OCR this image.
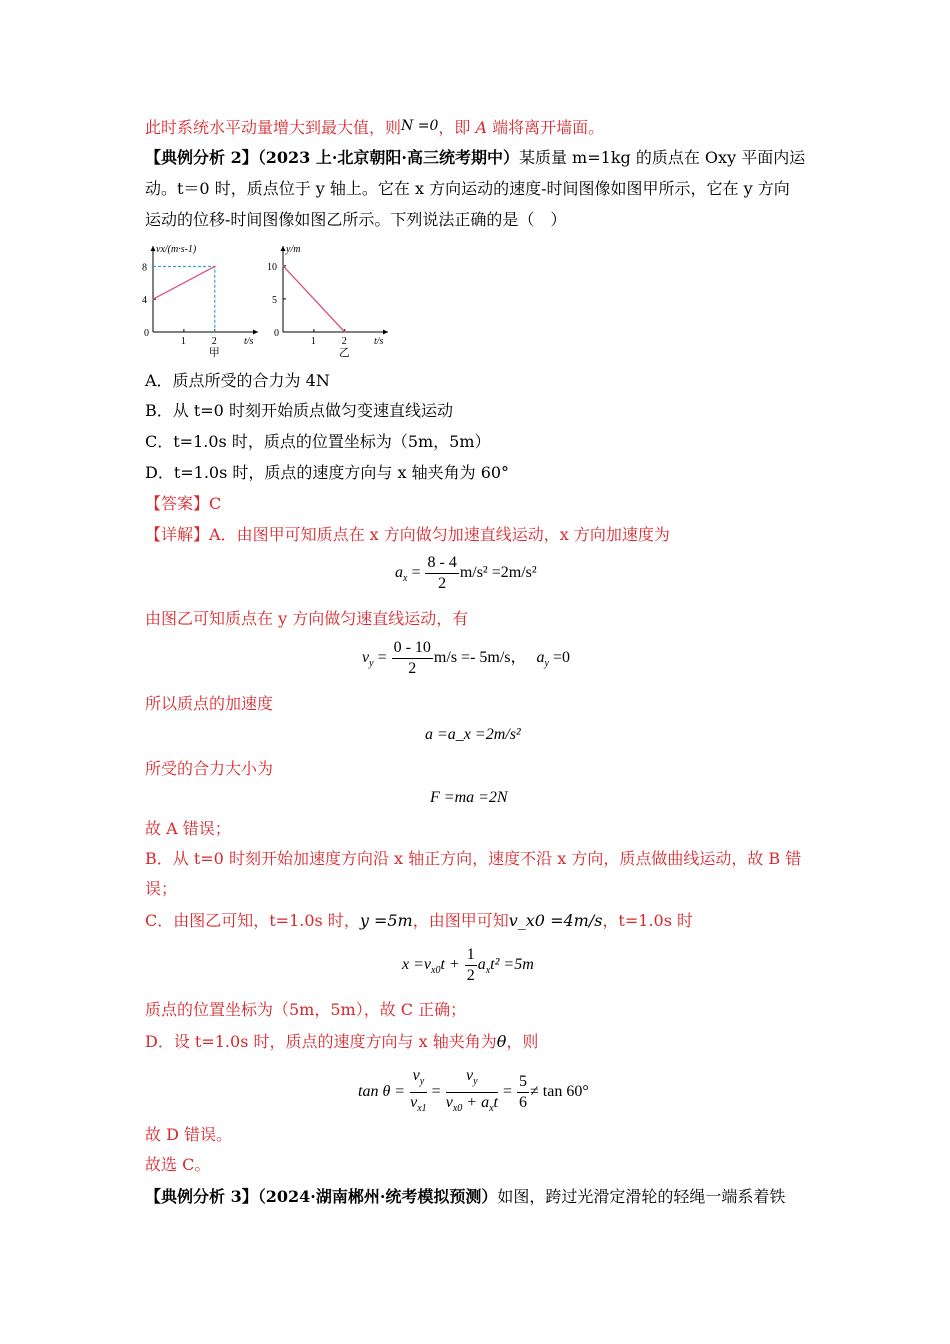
此时系统水平动量增大到最大值，则N =0，即 A 端将离开墙面。
【典例分析 2】（2023 上·北京朝阳·高三统考期中）某质量 m=1kg 的质点在 Oxy 平面内运
动。t＝0 时，质点位于 y 轴上。它在 x 方向运动的速度-时间图像如图甲所示，它在 y 方向
运动的位移-时间图像如图乙所示。下列说法正确的是（　）
vx/(m·s-1)
t/s
0
1	2
4
8
甲
y/m
t/s
0
1	2
5
10
乙
A．质点所受的合力为 4N
B．从 t=0 时刻开始质点做匀变速直线运动
C．t=1.0s 时，质点的位置坐标为（5m，5m）
D．t=1.0s 时，质点的速度方向与 x 轴夹角为 60°
【答案】C
【详解】A．由图甲可知质点在 x 方向做匀加速直线运动，x 方向加速度为
$a_x = \frac{8 - 4}{2} m/s^2 =2m/s^2$
由图乙可知质点在 y 方向做匀速直线运动，有
$v_y = \frac{0 - 10}{2} m/s =- 5m/s$， $a_y =0$
所以质点的加速度
a =a_x =2m/s²
所受的合力大小为
F =ma =2N
故 A 错误；
B．从 t=0 时刻开始加速度方向沿 x 轴正方向，速度不沿 x 方向，质点做曲线运动，故 B 错
误；
C．由图乙可知，t=1.0s 时，y =5m，由图甲可知v_x0 =4m/s，t=1.0s 时
$x =v_{x0}t + \frac{1}{2} a_xt^2 =5m$
质点的位置坐标为（5m，5m），故 C 正确；
D．设 t=1.0s 时，质点的速度方向与 x 轴夹角为θ，则
$\tan \theta = \frac{v_y}{v_{x1}} = \frac{v_y}{v_{x0} + a_xt} = \frac{5}{6} \ne \tan 60^\circ$
故 D 错误。
故选 C。
【典例分析 3】（2024·湖南郴州·统考模拟预测）如图，跨过光滑定滑轮的轻绳一端系着铁
